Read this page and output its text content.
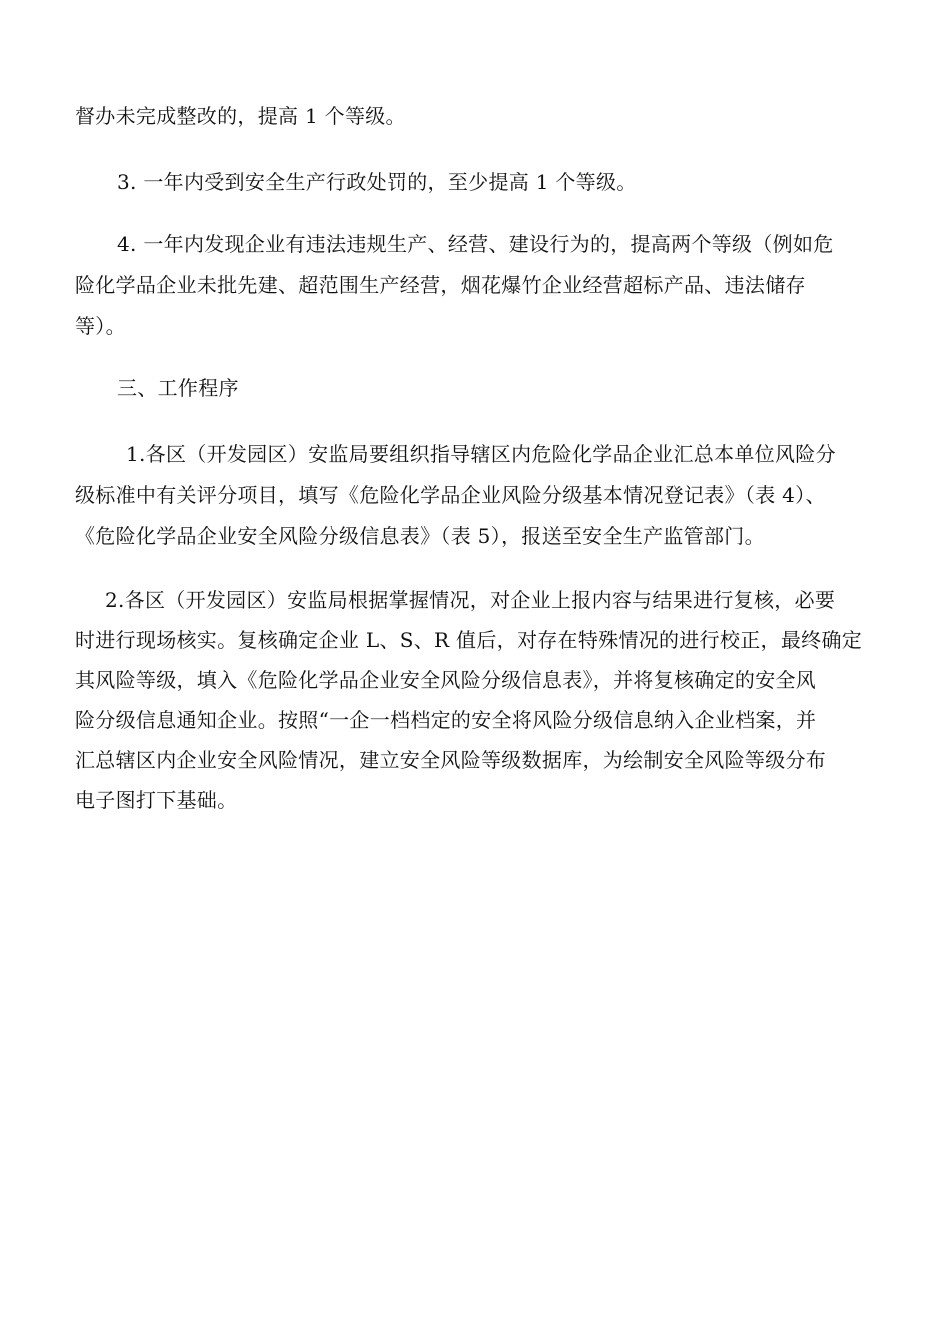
督办未完成整改的，提高 1 个等级。
3. 一年内受到安全生产行政处罚的，至少提高 1 个等级。
4. 一年内发现企业有违法违规生产、经营、建设行为的，提高两个等级（例如危
险化学品企业未批先建、超范围生产经营，烟花爆竹企业经营超标产品、违法储存
等）。
三、工作程序
1.各区（开发园区）安监局要组织指导辖区内危险化学品企业汇总本单位风险分
级标准中有关评分项目，填写《危险化学品企业风险分级基本情况登记表》（表 4）、
《危险化学品企业安全风险分级信息表》（表 5），报送至安全生产监管部门。
2.各区（开发园区）安监局根据掌握情况，对企业上报内容与结果进行复核，必要
时进行现场核实。复核确定企业 L、S、R 值后，对存在特殊情况的进行校正，最终确定
其风险等级，填入《危险化学品企业安全风险分级信息表》，并将复核确定的安全风
险分级信息通知企业。按照“一企一档档定的安全将风险分级信息纳入企业档案，并
汇总辖区内企业安全风险情况，建立安全风险等级数据库，为绘制安全风险等级分布
电子图打下基础。
